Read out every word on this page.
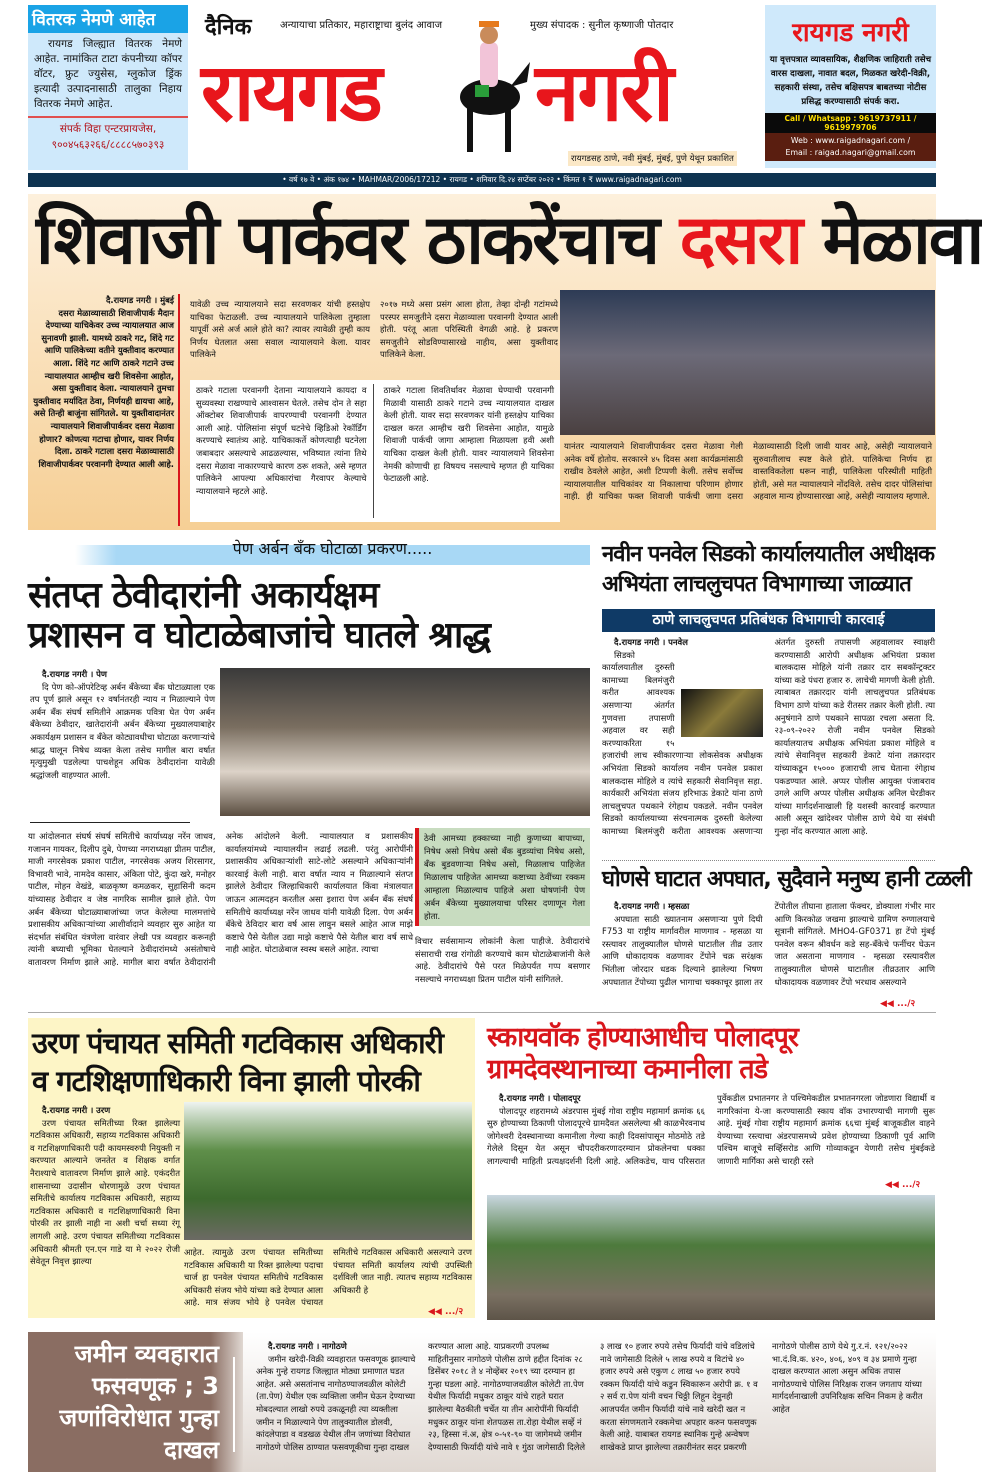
वितरक नेमणे आहेत
रायगड जिल्ह्यात वितरक नेमणे आहेत. नामांकित टाटा कंपनीच्या कॉपर वॉटर, फ्रुट ज्युसेस, ग्लुकोज ड्रिंक इत्यादी उत्पादनासाठी तालुका निहाय वितरक नेमणे आहेत.
संपर्क विहा एन्टरप्रायजेस,
९००४५६३२६६/८८८८५७०३९३
दैनिक	अन्यायाचा प्रतिकार, महाराष्ट्राचा बुलंद आवाज	मुख्य संपादक : सुनील कृष्णाजी पोतदार
रायगड नगरी
रायगडसह ठाणे, नवी मुंबई, मुंबई, पुणे येथून प्रकाशित
रायगड नगरी
या वृत्तपत्रात व्यावसायिक, शैक्षणिक जाहिराती तसेच वारस दाखला, नावात बदल, मिळकत खरेदी-विक्री, सहकारी संस्था, तसेच बक्षिसपत्र बाबतच्या नोटीस प्रसिद्ध करण्यासाठी संपर्क करा.
Call / Whatsapp : 9619737911 / 9619979706
Web : www.raigadnagari.com /
Email : raigad.nagari@gmail.com
• वर्ष १७ वे • अंक १७४ • MAHMAR/2006/17212 • रायगड • शनिवार दि.२४ सप्टेंबर २०२२ • किंमत १ ₹ www.raigadnagari.com
शिवाजी पार्कवर ठाकरेंचाच दसरा मेळावा
दै.रायगड नगरी । मुंबई
दसरा मेळाव्यासाठी शिवाजीपार्क मैदान देण्याच्या याचिकेवर उच्च न्यायालयात आज सुनावणी झाली. यामध्ये ठाकरे गट, शिंदे गट आणि पालिकेच्या वतीने युक्तीवाद करण्यात आला. शिंदे गट आणि ठाकरे गटाने उच्च न्यायालयात आम्हीच खरी शिवसेना आहोत, असा युक्तीवाद केला. न्यायालयाने तुमचा युक्तीवाद मर्यादित ठेवा, निर्णयही द्यायचा आहे, असे तिन्ही बाजुंना सांगितले. या युक्तीवादानंतर न्यायालयाने शिवाजीपार्कवर दसरा मेळावा होणार? कोणत्या गटाचा होणार, यावर निर्णय दिला. ठाकरे गटाला दसरा मेळाव्यासाठी शिवाजीपार्कवर परवानगी देण्यात आली आहे.
यावेळी उच्च न्यायालयाने सदा सरवणकर यांची हस्तक्षेप याचिका फेटाळली. उच्च न्यायालयाने पालिकेला तुम्हाला यापूर्वी असे अर्ज आले होते का? त्यावर त्यावेळी तुम्ही काय निर्णय घेतलात असा सवाल न्यायालयाने केला. यावर पालिकेने
२०१७ मध्ये असा प्रसंग आला होता, तेव्हा दोन्ही गटांमध्ये परस्पर समजुतीने दसरा मेळाव्याला परवानगी देण्यात आली होती. परंतू आता परिस्थिती वेगळी आहे. हे प्रकरण समजुतीने सोडविण्यासारखे नाहीय, असा युक्तीवाद पालिकेने केला.
ठाकरे गटाला परवानगी देताना न्यायालयाने कायदा व सुव्यवस्था राखण्याचे आश्वासन घेतले. तसेच दोन ते सहा ऑक्टोबर शिवाजीपार्क वापरण्याची परवानगी देण्यात आली आहे. पोलिसांना संपूर्ण घटनेचे व्हिडिओ रेकॉर्डिंग करण्याचे स्वातंत्र्य आहे. याचिकाकर्ते कोणत्याही घटनेला जबाबदार असल्याचे आढळल्यास, भविष्यात त्यांना तिथे दसरा मेळावा नाकारण्याचे कारण ठरू शकते, असे म्हणत पालिकेने आपल्या अधिकारांचा गैरवापर केल्याचे न्यायालयाने म्हटले आहे.
ठाकरे गटाला शिवतिर्थावर मेळावा घेण्याची परवानगी मिळावी यासाठी ठाकरे गटाने उच्च न्यायालयात दाखल केली होती. यावर सदा सरवणकर यांनी हस्तक्षेप याचिका दाखल करत आम्हीच खरी शिवसेना आहोत, यामुळे शिवाजी पार्कची जागा आम्हाला मिळायला हवी अशी याचिका दाखल केली होती. यावर न्यायालयाने शिवसेना नेमकी कोणाची हा विषयच नसल्याचे म्हणत ही याचिका फेटाळली आहे.
यानंतर न्यायालयाने शिवाजीपार्कवर दसरा मेळावा गेली अनेक वर्षे होतोय. सरकारने ४५ दिवस अशा कार्यक्रमांसाठी राखीव ठेवलेले आहेत, अशी टिप्पणी केली. तसेच सर्वोच्च न्यायालयातील याचिकांवर या निकालाचा परिणाम होणार नाही. ही याचिका फक्त शिवाजी पार्कची जागा दसरा मेळाव्यासाठी दिली जावी यावर आहे, असेही न्यायालयाने सुरुवातीलाच स्पष्ट केले होते. पालिकेचा निर्णय हा वास्तविकतेला धरून नाही, पालिकेला परिस्थीती माहिती होती, असे मत न्यायालयाने नोंदविले. तसेच दादर पोलिसांचा अहवाल मान्य होण्यासारखा आहे, असेही न्यायालय म्हणाले.
पेण अर्बन बँक घोटाळा प्रकरण.....
संतप्त ठेवीदारांनी अकार्यक्षम
प्रशासन व घोटाळेबाजांचे घातले श्राद्ध
दै.रायगड नगरी । पेण

दि पेण को-ऑपरेटिव्ह अर्बन बँकेच्या बँक घोटाळ्याला एक तप पूर्ण झाले असून १२ वर्षानंतरही न्याय न मिळाल्याने पेण अर्बन बँक संघर्ष समितीने आक्रमक पवित्रा घेत पेण अर्बन बँकेच्या ठेवीदार, खातेदारांनी अर्बन बँकेच्या मुख्यालयाबाहेर अकार्यक्षम प्रशासन व बँकेत कोट्यावधीचा घोटाळा करणाऱ्यांचे श्राद्ध घालून निषेध व्यक्त केला तसेच मागील बारा वर्षात मृत्युमुखी पडलेल्या पाचशेहून अधिक ठेवीदारांना यावेळी श्रद्धांजली वाहण्यात आली.

या आंदोलनात संघर्ष संघर्ष समितीचे कार्याध्यक्ष नरेंन जाधव, गजानन गायकर, दिलीप दुबे, पेणच्या नगराध्यक्षा प्रीतम पाटील, माजी नगरसेवक प्रकाश पाटील, नगरसेवक अजय शिरसागर, विभावरी भावे, नामदेव कासार, अंकिता पोटे, कुंदा खरे, मनोहर पाटील, मोहन वेखंडे, बाळकृष्ण कमळकर, सुहासिनी कदम यांच्यासह ठेवीदार व जेष्ठ नागरिक सामील झाले होते. पेण अर्बन बँकेच्या घोटाळ्याबाजांच्या जप्त केलेल्या मालमत्तांचे प्रशासकीय अधिकाऱ्यांच्या आशीर्वादाने व्यवहार सुरु आहेत या संदर्भात संबंधित यंत्रणेला वारंवार लेखी पत्र व्यवहार करूनही त्यांनी बघ्याची भूमिका घेतल्याने ठेवीदारांमध्ये असंतोषाचे वातावरण निर्माण झाले आहे. मागील बारा वर्षात ठेवीदारांनी अनेक आंदोलने केली. न्यायालयात व प्रशासकीय कार्यालयांमध्ये न्यायालयीन लढाई लढली. परंतु आरोपींनी प्रशासकीय अधिकाऱ्यांशी साटे-लोटे असल्याने अधिकाऱ्यांनी कारवाई केली नाही. बारा वर्षात न्याय न मिळाल्याने संतप्त झालेले ठेवीदार जिल्हाधिकारी कार्यालयात किंवा मंत्रालयात जाऊन आत्मदहन करतील असा इशारा पेण अर्बन बँक संघर्ष समितीचे कार्याध्यक्ष नरेंन जाधव यांनी यावेळी दिला. पेण अर्बन बँकेचे ठेविदार बारा वर्ष आस लावुन बसले आहेत आज माझे कष्टाचे पैसे येतील उद्या माझे कष्टाचे पैसे येतील बारा वर्ष साधे नाही आहेत. घोटाळेबाज स्वस्थ बसले आहेत. त्याचा
ठेवी आमच्या हक्काच्या नाही कुणाच्या बापाच्या, निषेध असो निषेध असो बँक बुडव्यांचा निषेध असो, बँक बुडवणाऱ्या निषेध असो, मिळालाच पाहिजेत मिळालाच पाहिजेत आमच्या कष्टाच्या ठेवींच्या रक्कम आम्हाला मिळाल्याच पाहिजे अशा घोषणांनी पेण अर्बन बँकेच्या मुख्यालयाचा परिसर दणाणून गेला होता.
विचार सर्वसामान्य लोकांनी केला पाहीजे. ठेवीदारांचे संसाराची राख रांगोळी करण्याचे काम घोटाळेबाजांनी केले आहे. ठेवीदारांचे पैसे परत मिळेपर्यंत गप्प बसणार नसल्याचे नगराध्यक्षा प्रितम पाटील यांनी सांगितले.
नवीन पनवेल सिडको कार्यालयातील अधीक्षक
अभियंता लाचलुचपत विभागाच्या जाळ्यात
ठाणे लाचलुचपत प्रतिबंधक विभागाची कारवाई
दै.रायगड नगरी । पनवेल

सिडको कार्यालयातील दुरुस्ती कामाच्या बिलमंजुरी करीत आवश्यक असणाऱ्या अंतर्गत गुणवत्ता तपासणी अहवाल वर सही करण्याकरिता १५ हजारांची लाच स्वीकारणाऱ्या लोकसेवक अधीक्षक अभियंता सिडको कार्यालय नवीन पनवेल प्रकाश बालकदास मोहिले व त्यांचे सहकारी सेवानिवृत्त सहा. कार्यकारी अभियंता संजय हरिभाऊ डेकाटे यांना ठाणे लाचलुचपत पथकाने रंगेहाथ पकडले. नवीन पनवेल सिडको कार्यालयाच्या संरचनात्मक दुरुस्ती केलेल्या कामाच्या बिलमंजुरी करीता आवश्यक असणाऱ्या अंतर्गत दुरुस्ती तपासणी अहवालावर स्वाक्षरी करण्यासाठी आरोपी अधीक्षक अभियंता प्रकाश बालकदास मोहिले यांनी तक्रार दार सबकॉन्ट्रक्टर यांच्या कडे पंधरा हजार रु. लाचेची मागणी केली होती. त्याबाबत तक्रारदार यांनी लाचलुचपत प्रतिबंधक विभाग ठाणे यांच्या कडे रीतसर तक्रार केली होती. त्या अनुषंगाने ठाणे पथकाने सापळा रचला असता दि. २३-०९-२०२२ रोजी नवीन पनवेल सिडको कार्यालयातच अधीक्षक अभियंता प्रकाश मोहिले व त्यांचे सेवानिवृत्त सहकारी डेकाटे यांना तक्रारदार यांच्याकडून १५००० हजाराची लाच घेताना रंगेहाथ पकडण्यात आले. अप्पर पोलीस आयुक्त पंजाबराव उगले आणि अप्पर पोलीस अधीक्षक अनिल घेरडीकर यांच्या मार्गदर्शनाखाली हि यशस्वी कारवाई करण्यात आली असून खांदेश्वर पोलीस ठाणे येथे या संबंधी गुन्हा नोंद करण्यात आला आहे.

घोणसे घाटात अपघात, सुदैवाने मनुष्य हानी टळली
दै.रायगड नगरी । म्हसळा

अपघाता साठी ख्यातनाम असणाऱ्या पुणे दिघी F753 या राष्ट्रीय मार्गावरील माणगाव - म्हसळा या रस्त्यावर तालुक्यातील घोणसे घाटातील तीव्र उतार आणि धोकादायक वळणावर टेंपोने चक्र सरंक्षक भिंतीला जोरदार धडक दिल्याने झालेल्या भिषण अपघातात टेंपोच्या पुढील भागाचा चक्काचूर झाला तर टेंपोतील तीघाना हाताला फॅक्चर, डोक्याला गंभीर मार आणि किरकोळ जखमा झाल्याचे ग्रामिण रुग्णालयाचे सूत्रानी सांगितले. MHO4-GF0371 हा टेंपो मुंबई पनवेल वरून श्रीवर्धन कडे सह-बँकेचे फर्नीचर घेऊन जात असताना माणगाव - म्हसळा रस्त्यावरील तालुक्यातील घोणसे घाटातील तीव्रउतार आणि धोकादायक वळणावर टेंपो भरधाव असल्याने

◀◀ .../२
उरण पंचायत समिती गटविकास अधिकारी
व गटशिक्षणाधिकारी विना झाली पोरकी
दै.रायगड नगरी । उरण

उरण पंचायत समितीच्या रिक्त झालेल्या गटविकास अधिकारी, सहाय्य गटविकास अधिकारी व गटशिक्षणाधिकारी पदी कायमस्वरुपी नियुक्ती न करण्यात आल्याने जनतेत व शिक्षक वर्गात नैराश्याचे वातावरण निर्माण झाले आहे. एकंदरीत शासनाच्या उदासीन धोरणामुळे उरण पंचायत समितीचे कार्यालय गटविकास अधिकारी, सहाय्य गटविकास अधिकारी व गटशिक्षणाधिकारी विना पोरकी तर झाली नाही ना अशी चर्चा सध्या रंगू लागली आहे. उरण पंचायत समितीच्या गटविकास अधिकारी श्रीमती एन.एन गाडे या मे २०२२ रोजी सेवेतून निवृत्त झाल्या

आहेत. त्यामुळे उरण पंचायत समितीच्या गटविकास अधिकारी या रिक्त झालेल्या पदाचा चार्ज हा पनवेल पंचायत समितीचे गटविकास अधिकारी संजय भोये यांच्या कडे देण्यात आला आहे. मात्र संजय भोये हे पनवेल पंचायत समितीचे गटविकास अधिकारी असल्याने उरण पंचायत समिती कार्यालय त्यांची उपस्थिती दर्शविली जात नाही. त्यातच सहाय्य गटविकास अधिकारी हे
◀◀ .../२
स्कायवॉक होण्याआधीच पोलादपूर
ग्रामदेवस्थानाच्या कमानीला तडे
दै.रायगड नगरी । पोलादपूर

पोलादपूर शहरामध्ये अंडरपास मुंबई गोवा राष्ट्रीय महामार्ग क्रमांक ६६ सुरु होण्याच्या ठिकाणी पोलादपूरचे ग्रामदैवत असलेल्या श्री काळभैरवनाथ जोगेश्वरी देवस्थानाच्या कमानीला गेल्या काही दिवसांपासून मोठमोठे तडे गेलेले दिसून येत असून चौपदरीकरणादरम्यान प्रोकलेनचा धक्का लागल्याची माहिती प्रत्यक्षदर्शनी दिली आहे. अलिकडेच, याच परिसरात पुर्वेकडील प्रभातनगर ते पश्चिमेकडील प्रभातनगरला जोडणारा विद्यार्थी व नागरिकांना ये-जा करण्यासाठी स्काय वॉक उभारण्याची मागणी सुरू आहे. मुंबई गोवा राष्ट्रीय महामार्ग क्रमांक ६६चा मुंबई बाजूकडील वाहने येण्याच्या रस्त्याचा अंडरपासमध्ये प्रवेश होण्याच्या ठिकाणी पूर्व आणि पश्चिम बाजूचे सर्व्हिसरोड आणि गोव्याकडून येणारी तसेच मुंबईकडे जाणारी मार्गिका असे चारही रस्ते

◀◀ .../२
जमीन व्यवहारात फसवणूक ; 3 जणांविरोधात गुन्हा दाखल
दै.रायगड नगरी । नागोठणे

जमीन खरेदी-विक्री व्यवहारात फसवणूक झाल्याचे अनेक गुन्हे रायगड जिल्ह्यात मोठ्या प्रमाणात घडत आहेत. असे असतांनाच नागोठण्याजवळील कोलेटी (ता.पेण) येथील एक व्यक्तिला जमीन घेऊन देण्याच्या मोबदल्यात लाखो रुपये उकळूनही त्या व्यक्तीला जमीन न मिळाल्याने पेण तालुक्यातील डोलवी, कांदलेपाडा व वडखळ येथील तीन जणांच्या विरोधात नागोठणे पोलिस ठाण्यात फसवणूकीचा गुन्हा दाखल करण्यात आला आहे. याप्रकरणी उपलब्ध माहितीनुसार नागोठणे पोलीस ठाणे हद्दीत दिनांक २८ डिसेंबर २०१८ ते ४ नोव्हेंबर २०१९ च्या दरम्यान हा गुन्हा घडला आहे. नागोठण्याजवळील कोलेटी ता.पेण येथील फिर्यादी मधुकर ठाकूर यांचे राहते घरात झालेल्या बैठकीती चर्चेत या तीन आरोपींनी फिर्यादी मधुकर ठाकूर यांना शेतपळस ता.रोहा येथील सर्व्हे नं २३, हिस्सा नं.अ, क्षेत्र ०-५१-९० या जागेमध्ये जमीन देण्यासाठी फिर्यादी यांचे नावे १ गुंठा जागेसाठी दिलेले ३ लाख १० हजार रुपये तसेच फिर्यादी यांचे वडिलांचे नावे जागेसाठी दिलेले ५ लाख रुपये व विटांचे ४० हजार रुपये असे एकुण ८ लाख ५० हजार रुपये रक्कम फिर्यादी यांचे कडुन स्विकारून अरोपी क्र. १ व २ सर्व रा.पेण यांनी वचन चिठ्ठी लिहून देवुनही आजपर्यंत जमीन फिर्यादी यांचे नावे खरेदी खत न करता संगणमताने रक्कमेचा अपहार करुन फसवणुक केली आहे. याबाबत रायगड स्थानिक गुन्हे अन्वेषण शाखेकडे प्राप्त झालेल्या तक्रारीनंतर सदर प्रकरणी नागोठणे पोलीस ठाणे येथे गु.र.नं. १२१/२०२२ भा.दं.वि.क. ४२०, ४०६, ४०९ व ३४ प्रमाणे गुन्हा दाखल करण्यात आला असुन अधिक तपास नागोठण्याचे पोलिस निरिक्षक राजन जगताप यांच्या मार्गदर्शनाखाली उपनिरिक्षक सचिन निकम हे करीत आहेत
